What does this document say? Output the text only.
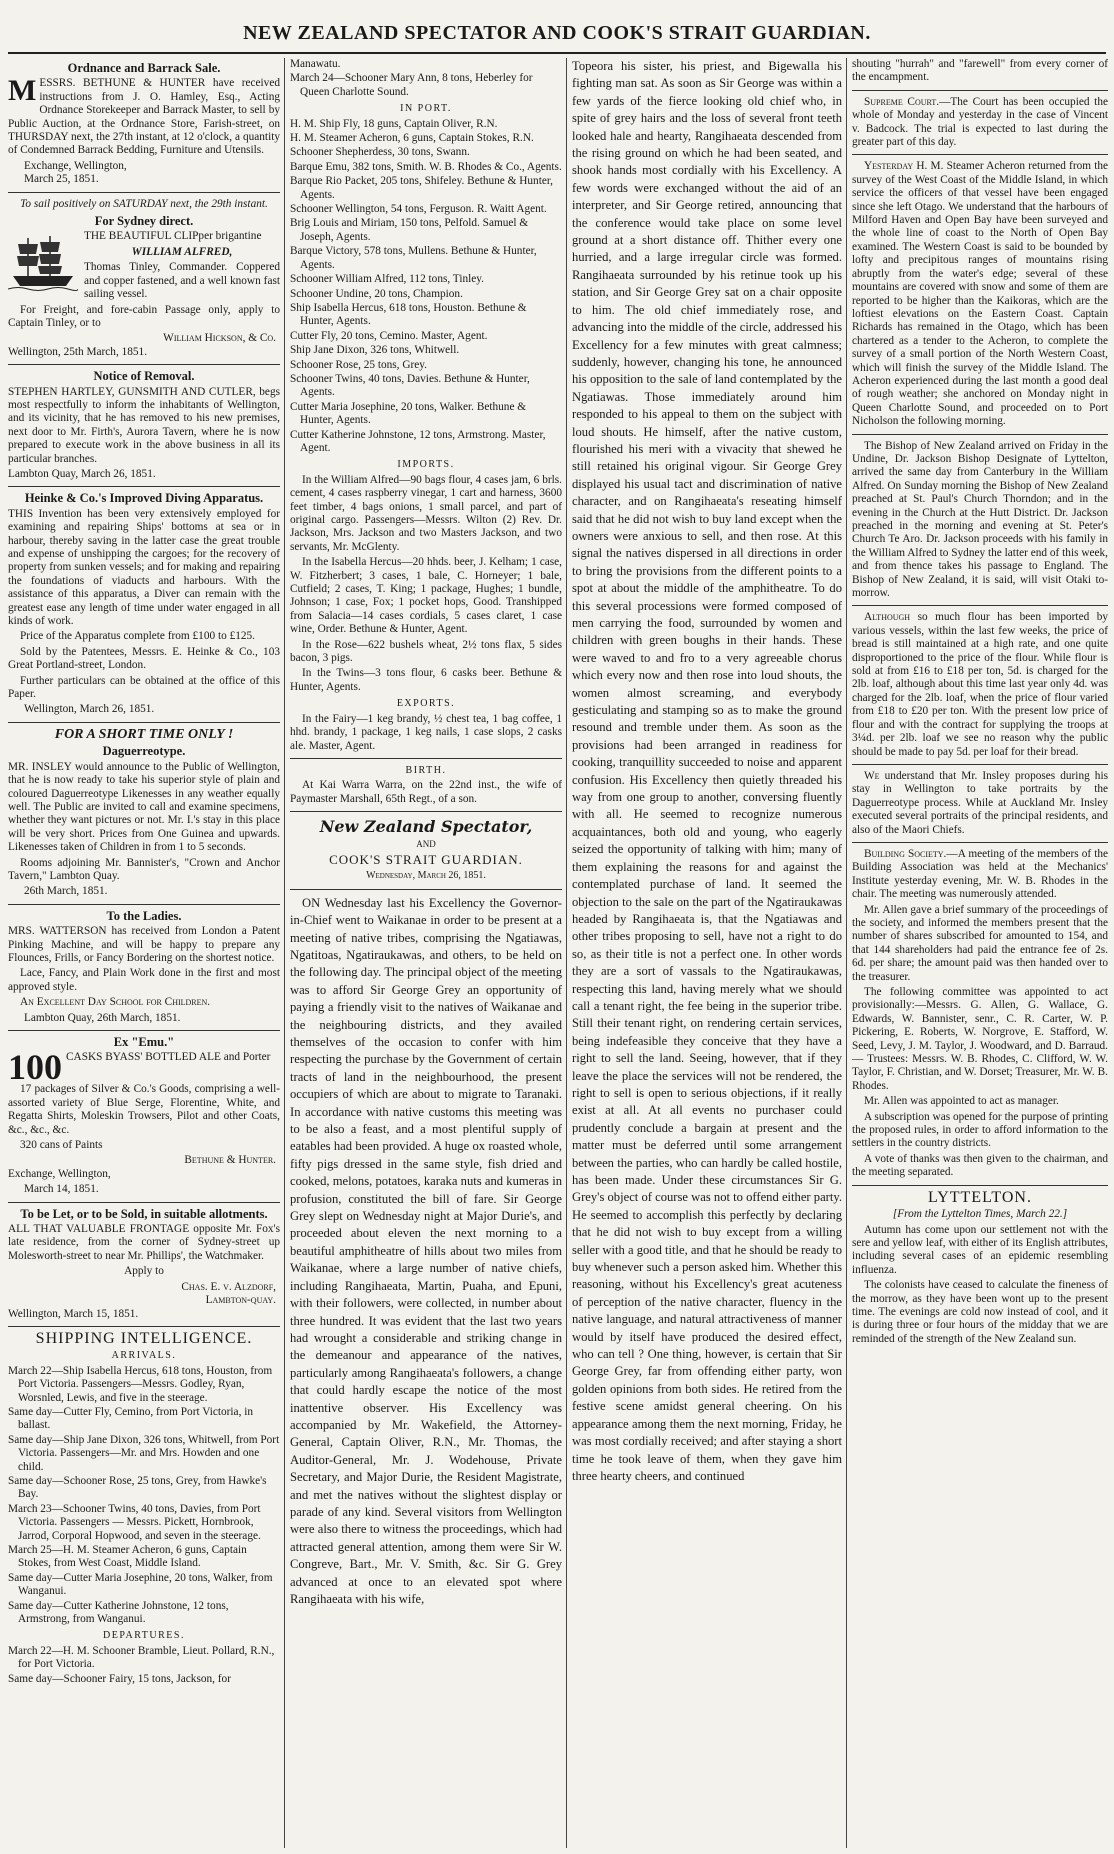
NEW ZEALAND SPECTATOR AND COOK'S STRAIT GUARDIAN.
Ordnance and Barrack Sale.

MESSRS. BETHUNE & HUNTER have received instructions from J. O. Hamley, Esq., Acting Ordnance Storekeeper and Barrack Master, to sell by Public Auction, at the Ordnance Store, Farish-street, on THURSDAY next, the 27th instant, at 12 o'clock, a quantity of Condemned Barrack Bedding, Furniture and Utensils.

Exchange, Wellington,

March 25, 1851.

To sail positively on SATURDAY next, the 29th instant.

For Sydney direct.

THE BEAUTIFUL CLIPper brigantine

WILLIAM ALFRED,

Thomas Tinley, Commander. Coppered and copper fastened, and a well known fast sailing vessel.

For Freight, and fore-cabin Passage only, apply to Captain Tinley, or to

William Hickson, & Co.

Wellington, 25th March, 1851.

Notice of Removal.

STEPHEN HARTLEY, GUNSMITH AND CUTLER, begs most respectfully to inform the inhabitants of Wellington, and its vicinity, that he has removed to his new premises, next door to Mr. Firth's, Aurora Tavern, where he is now prepared to execute work in the above business in all its particular branches.

Lambton Quay, March 26, 1851.

Heinke & Co.'s Improved Diving Apparatus.

THIS Invention has been very extensively employed for examining and repairing Ships' bottoms at sea or in harbour, thereby saving in the latter case the great trouble and expense of unshipping the cargoes; for the recovery of property from sunken vessels; and for making and repairing the foundations of viaducts and harbours. With the assistance of this apparatus, a Diver can remain with the greatest ease any length of time under water engaged in all kinds of work.

Price of the Apparatus complete from £100 to £125.

Sold by the Patentees, Messrs. E. Heinke & Co., 103 Great Portland-street, London.

Further particulars can be obtained at the office of this Paper.

Wellington, March 26, 1851.

FOR A SHORT TIME ONLY !
Daguerreotype.

MR. INSLEY would announce to the Public of Wellington, that he is now ready to take his superior style of plain and coloured Daguerreotype Likenesses in any weather equally well. The Public are invited to call and examine specimens, whether they want pictures or not. Mr. I.'s stay in this place will be very short. Prices from One Guinea and upwards. Likenesses taken of Children in from 1 to 5 seconds.

Rooms adjoining Mr. Bannister's, "Crown and Anchor Tavern," Lambton Quay.

26th March, 1851.

To the Ladies.

MRS. WATTERSON has received from London a Patent Pinking Machine, and will be happy to prepare any Flounces, Frills, or Fancy Bordering on the shortest notice.

Lace, Fancy, and Plain Work done in the first and most approved style.

An Excellent Day School for Children.

Lambton Quay, 26th March, 1851.

Ex "Emu."

100 CASKS BYASS' BOTTLED ALE and Porter

17 packages of Silver & Co.'s Goods, comprising a well-assorted variety of Blue Serge, Florentine, White, and Regatta Shirts, Moleskin Trowsers, Pilot and other Coats, &c., &c., &c.

320 cans of Paints

Bethune & Hunter.

Exchange, Wellington,

March 14, 1851.

To be Let, or to be Sold, in suitable allotments.

ALL THAT VALUABLE FRONTAGE opposite Mr. Fox's late residence, from the corner of Sydney-street up Molesworth-street to near Mr. Phillips', the Watchmaker.

Apply to

Chas. E. v. Alzdorf,

Lambton-quay.

Wellington, March 15, 1851.

SHIPPING INTELLIGENCE.
ARRIVALS.

March 22—Ship Isabella Hercus, 618 tons, Houston, from Port Victoria. Passengers—Messrs. Godley, Ryan, Worsnled, Lewis, and five in the steerage.

Same day—Cutter Fly, Cemino, from Port Victoria, in ballast.

Same day—Ship Jane Dixon, 326 tons, Whitwell, from Port Victoria. Passengers—Mr. and Mrs. Howden and one child.

Same day—Schooner Rose, 25 tons, Grey, from Hawke's Bay.

March 23—Schooner Twins, 40 tons, Davies, from Port Victoria. Passengers — Messrs. Pickett, Hornbrook, Jarrod, Corporal Hopwood, and seven in the steerage.

March 25—H. M. Steamer Acheron, 6 guns, Captain Stokes, from West Coast, Middle Island.

Same day—Cutter Maria Josephine, 20 tons, Walker, from Wanganui.

Same day—Cutter Katherine Johnstone, 12 tons, Armstrong, from Wanganui.

DEPARTURES.

March 22—H. M. Schooner Bramble, Lieut. Pollard, R.N., for Port Victoria.

Same day—Schooner Fairy, 15 tons, Jackson, for

Manawatu.

March 24—Schooner Mary Ann, 8 tons, Heberley for Queen Charlotte Sound.

IN PORT.

H. M. Ship Fly, 18 guns, Captain Oliver, R.N.

H. M. Steamer Acheron, 6 guns, Captain Stokes, R.N.

Schooner Shepherdess, 30 tons, Swann.

Barque Emu, 382 tons, Smith. W. B. Rhodes & Co., Agents.

Barque Rio Packet, 205 tons, Shifeley. Bethune & Hunter, Agents.

Schooner Wellington, 54 tons, Ferguson. R. Waitt Agent.

Brig Louis and Miriam, 150 tons, Pelfold. Samuel & Joseph, Agents.

Barque Victory, 578 tons, Mullens. Bethune & Hunter, Agents.

Schooner William Alfred, 112 tons, Tinley.

Schooner Undine, 20 tons, Champion.

Ship Isabella Hercus, 618 tons, Houston. Bethune & Hunter, Agents.

Cutter Fly, 20 tons, Cemino. Master, Agent.

Ship Jane Dixon, 326 tons, Whitwell.

Schooner Rose, 25 tons, Grey.

Schooner Twins, 40 tons, Davies. Bethune & Hunter, Agents.

Cutter Maria Josephine, 20 tons, Walker. Bethune & Hunter, Agents.

Cutter Katherine Johnstone, 12 tons, Armstrong. Master, Agent.

IMPORTS.

In the William Alfred—90 bags flour, 4 cases jam, 6 brls. cement, 4 cases raspberry vinegar, 1 cart and harness, 3600 feet timber, 4 bags onions, 1 small parcel, and part of original cargo. Passengers—Messrs. Wilton (2) Rev. Dr. Jackson, Mrs. Jackson and two Masters Jackson, and two servants, Mr. McGlenty.

In the Isabella Hercus—20 hhds. beer, J. Kelham; 1 case, W. Fitzherbert; 3 cases, 1 bale, C. Horneyer; 1 bale, Cutfield; 2 cases, T. King; 1 package, Hughes; 1 bundle, Johnson; 1 case, Fox; 1 pocket hops, Good. Transhipped from Salacia—14 cases cordials, 5 cases claret, 1 case wine, Order. Bethune & Hunter, Agent.

In the Rose—622 bushels wheat, 2½ tons flax, 5 sides bacon, 3 pigs.

In the Twins—3 tons flour, 6 casks beer. Bethune & Hunter, Agents.

EXPORTS.

In the Fairy—1 keg brandy, ½ chest tea, 1 bag coffee, 1 hhd. brandy, 1 package, 1 keg nails, 1 case slops, 2 casks ale. Master, Agent.

BIRTH.

At Kai Warra Warra, on the 22nd inst., the wife of Paymaster Marshall, 65th Regt., of a son.

New Zealand Spectator,
AND
COOK'S STRAIT GUARDIAN.
Wednesday, March 26, 1851.

ON Wednesday last his Excellency the Governor-in-Chief went to Waikanae in order to be present at a meeting of native tribes, comprising the Ngatiawas, Ngatitoas, Ngatiraukawas, and others, to be held on the following day. The principal object of the meeting was to afford Sir George Grey an opportunity of paying a friendly visit to the natives of Waikanae and the neighbouring districts, and they availed themselves of the occasion to confer with him respecting the purchase by the Government of certain tracts of land in the neighbourhood, the present occupiers of which are about to migrate to Taranaki. In accordance with native customs this meeting was to be also a feast, and a most plentiful supply of eatables had been provided. A huge ox roasted whole, fifty pigs dressed in the same style, fish dried and cooked, melons, potatoes, karaka nuts and kumeras in profusion, constituted the bill of fare. Sir George Grey slept on Wednesday night at Major Durie's, and proceeded about eleven the next morning to a beautiful amphitheatre of hills about two miles from Waikanae, where a large number of native chiefs, including Rangihaeata, Martin, Puaha, and Epuni, with their followers, were collected, in number about three hundred. It was evident that the last two years had wrought a considerable and striking change in the demeanour and appearance of the natives, particularly among Rangihaeata's followers, a change that could hardly escape the notice of the most inattentive observer. His Excellency was accompanied by Mr. Wakefield, the Attorney-General, Captain Oliver, R.N., Mr. Thomas, the Auditor-General, Mr. J. Wodehouse, Private Secretary, and Major Durie, the Resident Magistrate, and met the natives without the slightest display or parade of any kind. Several visitors from Wellington were also there to witness the proceedings, which had attracted general attention, among them were Sir W. Congreve, Bart., Mr. V. Smith, &c. Sir G. Grey advanced at once to an elevated spot where Rangihaeata with his wife,

Topeora his sister, his priest, and Bigewalla his fighting man sat. As soon as Sir George was within a few yards of the fierce looking old chief who, in spite of grey hairs and the loss of several front teeth looked hale and hearty, Rangihaeata descended from the rising ground on which he had been seated, and shook hands most cordially with his Excellency. A few words were exchanged without the aid of an interpreter, and Sir George retired, announcing that the conference would take place on some level ground at a short distance off. Thither every one hurried, and a large irregular circle was formed. Rangihaeata surrounded by his retinue took up his station, and Sir George Grey sat on a chair opposite to him. The old chief immediately rose, and advancing into the middle of the circle, addressed his Excellency for a few minutes with great calmness; suddenly, however, changing his tone, he announced his opposition to the sale of land contemplated by the Ngatiawas. Those immediately around him responded to his appeal to them on the subject with loud shouts. He himself, after the native custom, flourished his meri with a vivacity that shewed he still retained his original vigour. Sir George Grey displayed his usual tact and discrimination of native character, and on Rangihaeata's reseating himself said that he did not wish to buy land except when the owners were anxious to sell, and then rose. At this signal the natives dispersed in all directions in order to bring the provisions from the different points to a spot at about the middle of the amphitheatre. To do this several processions were formed composed of men carrying the food, surrounded by women and children with green boughs in their hands. These were waved to and fro to a very agreeable chorus which every now and then rose into loud shouts, the women almost screaming, and everybody gesticulating and stamping so as to make the ground resound and tremble under them. As soon as the provisions had been arranged in readiness for cooking, tranquillity succeeded to noise and apparent confusion. His Excellency then quietly threaded his way from one group to another, conversing fluently with all. He seemed to recognize numerous acquaintances, both old and young, who eagerly seized the opportunity of talking with him; many of them explaining the reasons for and against the contemplated purchase of land. It seemed the objection to the sale on the part of the Ngatiraukawas headed by Rangihaeata is, that the Ngatiawas and other tribes proposing to sell, have not a right to do so, as their title is not a perfect one. In other words they are a sort of vassals to the Ngatiraukawas, respecting this land, having merely what we should call a tenant right, the fee being in the superior tribe. Still their tenant right, on rendering certain services, being indefeasible they conceive that they have a right to sell the land. Seeing, however, that if they leave the place the services will not be rendered, the right to sell is open to serious objections, if it really exist at all. At all events no purchaser could prudently conclude a bargain at present and the matter must be deferred until some arrangement between the parties, who can hardly be called hostile, has been made. Under these circumstances Sir G. Grey's object of course was not to offend either party. He seemed to accomplish this perfectly by declaring that he did not wish to buy except from a willing seller with a good title, and that he should be ready to buy whenever such a person asked him. Whether this reasoning, without his Excellency's great acuteness of perception of the native character, fluency in the native language, and natural attractiveness of manner would by itself have produced the desired effect, who can tell ? One thing, however, is certain that Sir George Grey, far from offending either party, won golden opinions from both sides. He retired from the festive scene amidst general cheering. On his appearance among them the next morning, Friday, he was most cordially received; and after staying a short time he took leave of them, when they gave him three hearty cheers, and continued

shouting "hurrah" and "farewell" from every corner of the encampment.

Supreme Court.—The Court has been occupied the whole of Monday and yesterday in the case of Vincent v. Badcock. The trial is expected to last during the greater part of this day.

Yesterday H. M. Steamer Acheron returned from the survey of the West Coast of the Middle Island, in which service the officers of that vessel have been engaged since she left Otago. We understand that the harbours of Milford Haven and Open Bay have been surveyed and the whole line of coast to the North of Open Bay examined. The Western Coast is said to be bounded by lofty and precipitous ranges of mountains rising abruptly from the water's edge; several of these mountains are covered with snow and some of them are reported to be higher than the Kaikoras, which are the loftiest elevations on the Eastern Coast. Captain Richards has remained in the Otago, which has been chartered as a tender to the Acheron, to complete the survey of a small portion of the North Western Coast, which will finish the survey of the Middle Island. The Acheron experienced during the last month a good deal of rough weather; she anchored on Monday night in Queen Charlotte Sound, and proceeded on to Port Nicholson the following morning.

The Bishop of New Zealand arrived on Friday in the Undine, Dr. Jackson Bishop Designate of Lyttelton, arrived the same day from Canterbury in the William Alfred. On Sunday morning the Bishop of New Zealand preached at St. Paul's Church Thorndon; and in the evening in the Church at the Hutt District. Dr. Jackson preached in the morning and evening at St. Peter's Church Te Aro. Dr. Jackson proceeds with his family in the William Alfred to Sydney the latter end of this week, and from thence takes his passage to England. The Bishop of New Zealand, it is said, will visit Otaki to-morrow.

Although so much flour has been imported by various vessels, within the last few weeks, the price of bread is still maintained at a high rate, and one quite disproportioned to the price of the flour. While flour is sold at from £16 to £18 per ton, 5d. is charged for the 2lb. loaf, although about this time last year only 4d. was charged for the 2lb. loaf, when the price of flour varied from £18 to £20 per ton. With the present low price of flour and with the contract for supplying the troops at 3¼d. per 2lb. loaf we see no reason why the public should be made to pay 5d. per loaf for their bread.

We understand that Mr. Insley proposes during his stay in Wellington to take portraits by the Daguerreotype process. While at Auckland Mr. Insley executed several portraits of the principal residents, and also of the Maori Chiefs.

Building Society.—A meeting of the members of the Building Association was held at the Mechanics' Institute yesterday evening, Mr. W. B. Rhodes in the chair. The meeting was numerously attended.

Mr. Allen gave a brief summary of the proceedings of the society, and informed the members present that the number of shares subscribed for amounted to 154, and that 144 shareholders had paid the entrance fee of 2s. 6d. per share; the amount paid was then handed over to the treasurer.

The following committee was appointed to act provisionally:—Messrs. G. Allen, G. Wallace, G. Edwards, W. Bannister, senr., C. R. Carter, W. P. Pickering, E. Roberts, W. Norgrove, E. Stafford, W. Seed, Levy, J. M. Taylor, J. Woodward, and D. Barraud. — Trustees: Messrs. W. B. Rhodes, C. Clifford, W. W. Taylor, F. Christian, and W. Dorset; Treasurer, Mr. W. B. Rhodes.

Mr. Allen was appointed to act as manager.

A subscription was opened for the purpose of printing the proposed rules, in order to afford information to the settlers in the country districts.

A vote of thanks was then given to the chairman, and the meeting separated.

LYTTELTON.

[From the Lyttelton Times, March 22.]

Autumn has come upon our settlement not with the sere and yellow leaf, with either of its English attributes, including several cases of an epidemic resembling influenza.

The colonists have ceased to calculate the fineness of the morrow, as they have been wont up to the present time. The evenings are cold now instead of cool, and it is during three or four hours of the midday that we are reminded of the strength of the New Zealand sun.
